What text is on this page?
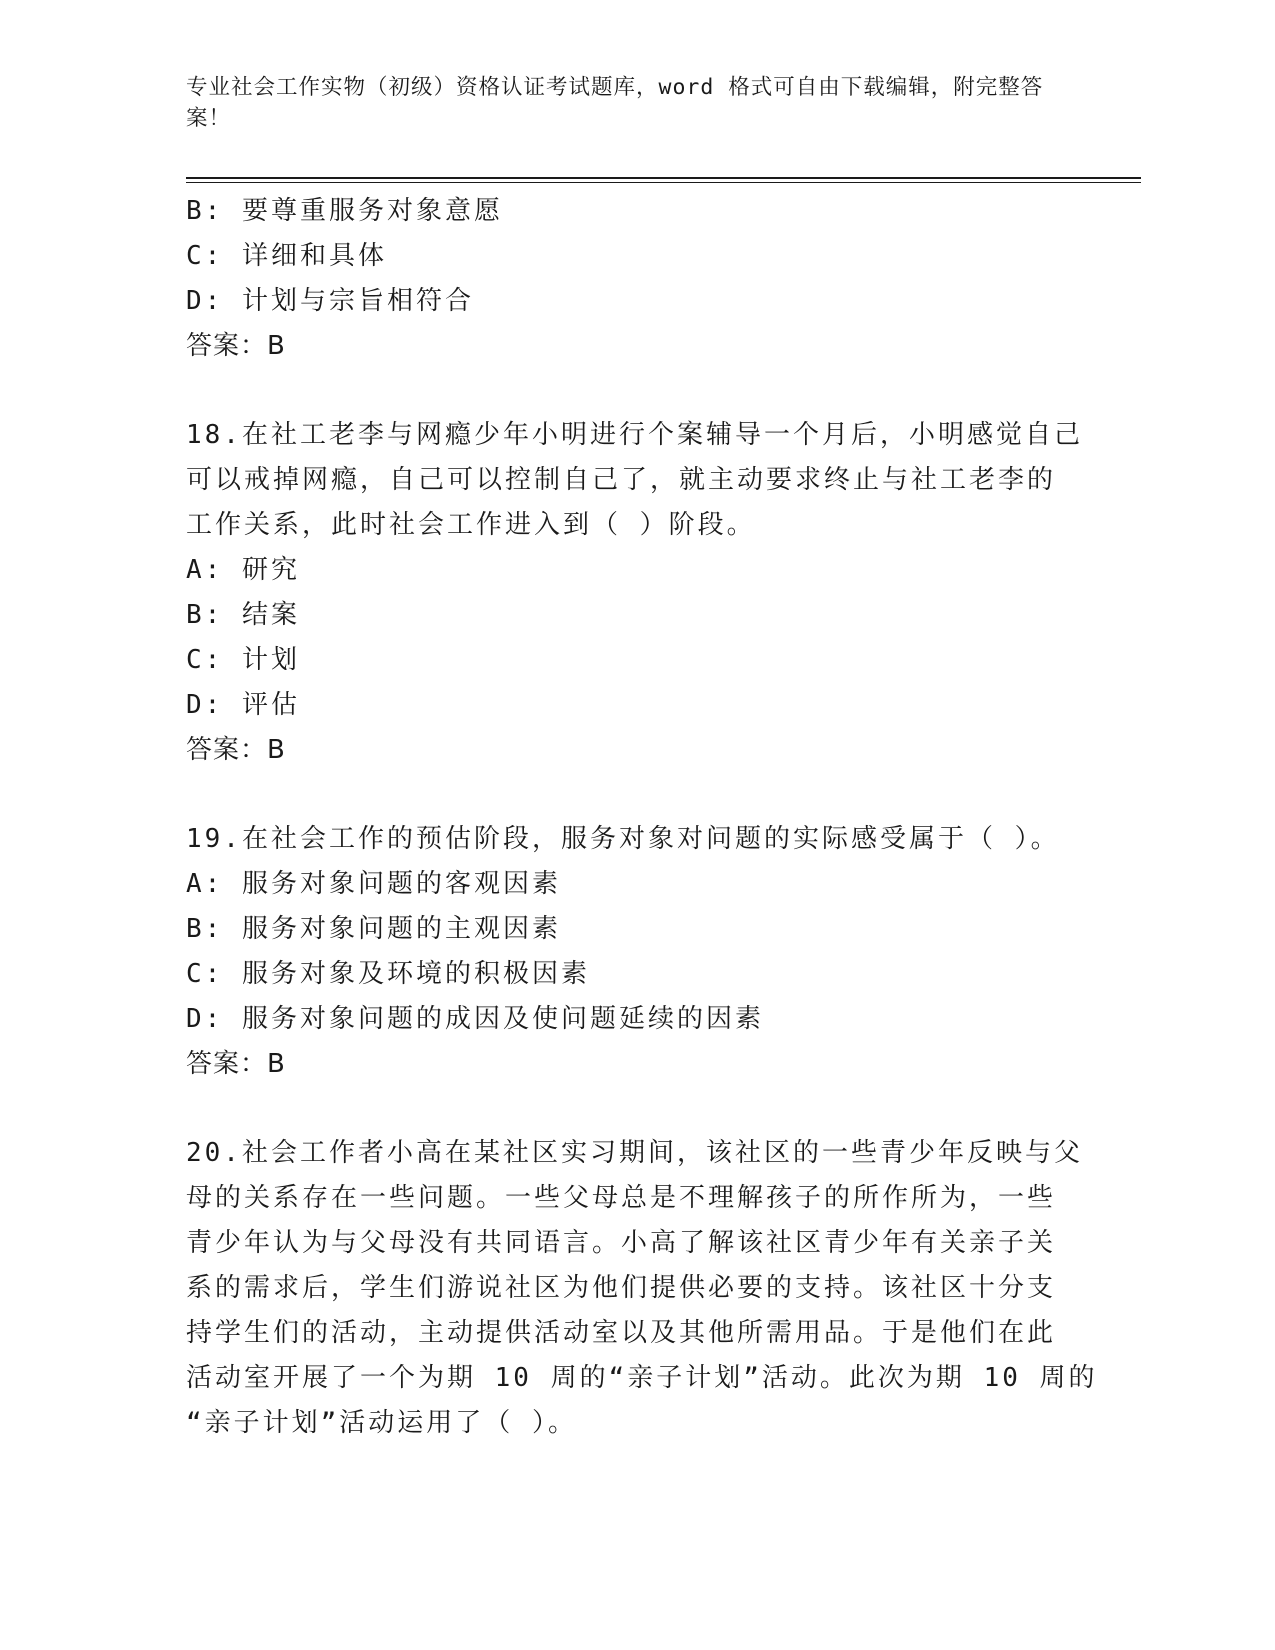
专业社会工作实物（初级）资格认证考试题库，word 格式可自由下载编辑，附完整答案！
B: 要尊重服务对象意愿
C: 详细和具体
D: 计划与宗旨相符合
答案：B
18.在社工老李与网瘾少年小明进行个案辅导一个月后，小明感觉自己
可以戒掉网瘾，自己可以控制自己了，就主动要求终止与社工老李的
工作关系，此时社会工作进入到（ ）阶段。
A: 研究
B: 结案
C: 计划
D: 评估
答案：B
19.在社会工作的预估阶段，服务对象对问题的实际感受属于（ ）。
A: 服务对象问题的客观因素
B: 服务对象问题的主观因素
C: 服务对象及环境的积极因素
D: 服务对象问题的成因及使问题延续的因素
答案：B
20.社会工作者小高在某社区实习期间，该社区的一些青少年反映与父
母的关系存在一些问题。一些父母总是不理解孩子的所作所为，一些
青少年认为与父母没有共同语言。小高了解该社区青少年有关亲子关
系的需求后，学生们游说社区为他们提供必要的支持。该社区十分支
持学生们的活动，主动提供活动室以及其他所需用品。于是他们在此
活动室开展了一个为期 10 周的“亲子计划”活动。此次为期 10 周的
“亲子计划”活动运用了（ ）。
